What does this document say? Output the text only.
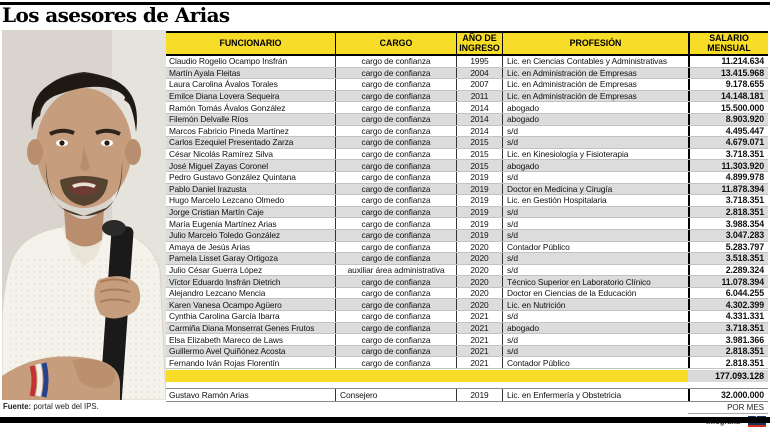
Los asesores de Arias
FUNCIONARIO	CARGO	AÑO DE INGRESO	PROFESIÓN	SALARIO MENSUAL
Claudio Rogelio Ocampo Insfrán	cargo de confianza	1995	Lic. en Ciencias Contables y Administrativas	11.214.634
Martín Ayala Fleitas	cargo de confianza	2004	Lic. en Administración de Empresas	13.415.968
Laura Carolina Ávalos Torales	cargo de confianza	2007	Lic. en Administración de Empresas	9.178.655
Emilce Diana Lovera Sequeira	cargo de confianza	2011	Lic. en Administración de Empresas	14.148.181
Ramón Tomás Ávalos González	cargo de confianza	2014	abogado	15.500.000
Filemón Delvalle Ríos	cargo de confianza	2014	abogado	8.903.920
Marcos Fabricio Pineda Martínez	cargo de confianza	2014	s/d	4.495.447
Carlos Ezequiel Presentado Zarza	cargo de confianza	2015	s/d	4.679.071
César Nicolás Ramírez Silva	cargo de confianza	2015	Lic. en Kinesiología y Fisioterapia	3.718.351
José Miguel Zayas Coronel	cargo de confianza	2015	abogado	11.303.920
Pedro Gustavo González Quintana	cargo de confianza	2019	s/d	4.899.978
Pablo Daniel Irazusta	cargo de confianza	2019	Doctor en Medicina y Cirugía	11.878.394
Hugo Marcelo Lezcano Olmedo	cargo de confianza	2019	Lic. en Gestión Hospitalaria	3.718.351
Jorge Cristian Martín Caje	cargo de confianza	2019	s/d	2.818.351
María Eugenia Martínez Arias	cargo de confianza	2019	s/d	3.988.354
Julio Marcelo Toledo González	cargo de confianza	2019	s/d	3.047.283
Amaya de Jesús Arias	cargo de confianza	2020	Contador Público	5.283.797
Pamela Lisset Garay Ortigoza	cargo de confianza	2020	s/d	3.518.351
Julio César Guerra López	auxiliar área administrativa	2020	s/d	2.289.324
Víctor Eduardo Insfrán Dietrich	cargo de confianza	2020	Técnico Superior en Laboratorio Clínico	11.078.394
Alejandro Lezcano Mencia	cargo de confianza	2020	Doctor en Ciencias de la Educación	6.044.255
Karen Vanesa Ocampo Agüero	cargo de confianza	2020	Lic. en Nutrición	4.302.399
Cynthia Carolina García Ibarra	cargo de confianza	2021	s/d	4.331.331
Carmiña Diana Monserrat Genes Frutos	cargo de confianza	2021	abogado	3.718.351
Elsa Elizabeth Mareco de Laws	cargo de confianza	2021	s/d	3.981.366
Guillermo Avel Quiñónez Acosta	cargo de confianza	2021	s/d	2.818.351
Fernando Iván Rojas Florentín	cargo de confianza	2021	Contador Público	2.818.351
177.093.128
Gustavo Ramón Arias	Consejero	2019	Lic. en Enfermería y Obstetricia	32.000.000
POR MES
Fuente: portal web del IPS.
